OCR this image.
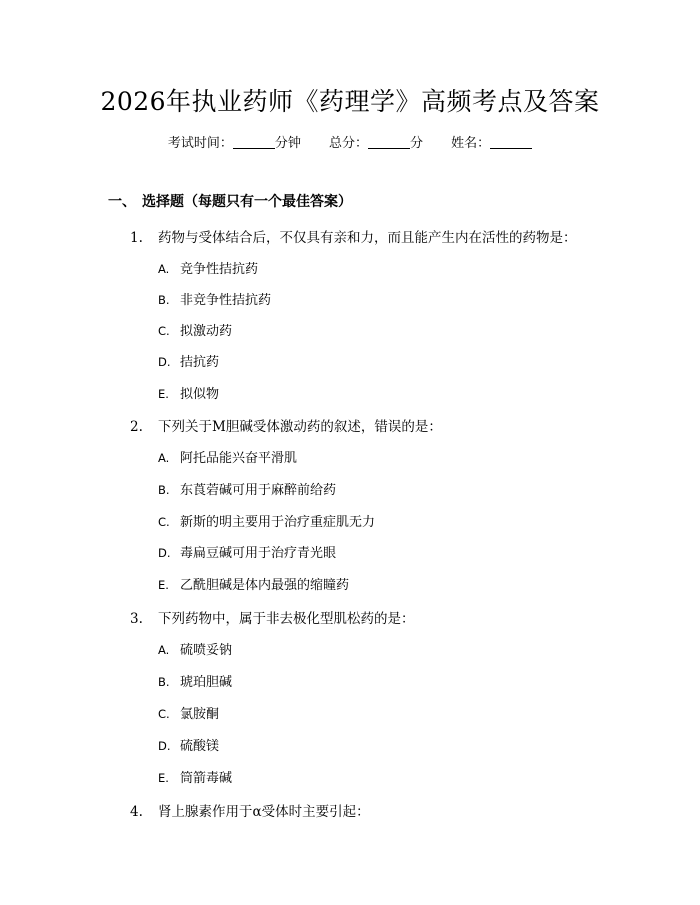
2026年执业药师《药理学》高频考点及答案
考试时间：	分钟 总分：	分 姓名：
一、 选择题（每题只有一个最佳答案）
1. 药物与受体结合后，不仅具有亲和力，而且能产生内在活性的药物是：
A. 竞争性拮抗药
B. 非竞争性拮抗药
C. 拟激动药
D. 拮抗药
E. 拟似物
2. 下列关于M胆碱受体激动药的叙述，错误的是：
A. 阿托品能兴奋平滑肌
B. 东莨菪碱可用于麻醉前给药
C. 新斯的明主要用于治疗重症肌无力
D. 毒扁豆碱可用于治疗青光眼
E. 乙酰胆碱是体内最强的缩瞳药
3. 下列药物中，属于非去极化型肌松药的是：
A. 硫喷妥钠
B. 琥珀胆碱
C. 氯胺酮
D. 硫酸镁
E. 筒箭毒碱
4. 肾上腺素作用于α受体时主要引起：
